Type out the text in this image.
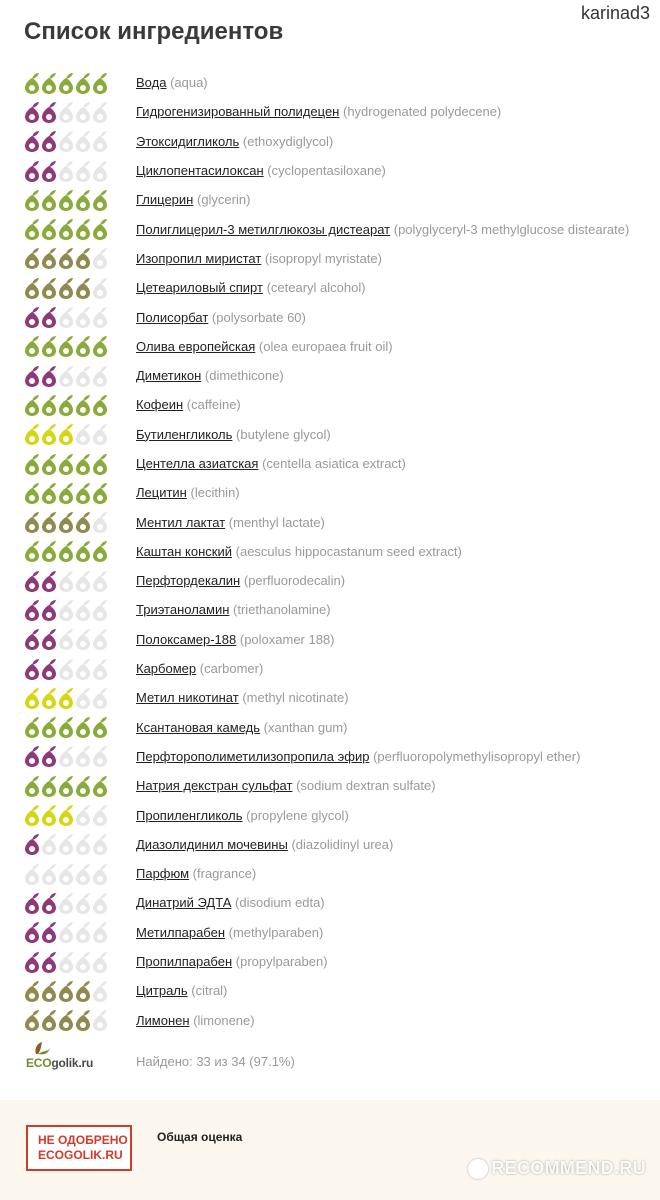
karinad3
Список ингредиентов
Вода (aqua)
Гидрогенизированный полидецен (hydrogenated polydecene)
Этоксидигликоль (ethoxydiglycol)
Циклопентасилоксан (cyclopentasiloxane)
Глицерин (glycerin)
Полиглицерил-3 метилглюкозы дистеарат (polyglyceryl-3 methylglucose distearate)
Изопропил миристат (isopropyl myristate)
Цетеариловый спирт (cetearyl alcohol)
Полисорбат (polysorbate 60)
Олива европейская (olea europaea fruit oil)
Диметикон (dimethicone)
Кофеин (caffeine)
Бутиленгликоль (butylene glycol)
Центелла азиатская (centella asiatica extract)
Лецитин (lecithin)
Ментил лактат (menthyl lactate)
Каштан конский (aesculus hippocastanum seed extract)
Перфтордекалин (perfluorodecalin)
Триэтаноламин (triethanolamine)
Полоксамер-188 (poloxamer 188)
Карбомер (carbomer)
Метил никотинат (methyl nicotinate)
Ксантановая камедь (xanthan gum)
Перфторополиметилизопропила эфир (perfluoropolymethylisopropyl ether)
Натрия декстран сульфат (sodium dextran sulfate)
Пропиленгликоль (propylene glycol)
Диазолидинил мочевины (diazolidinyl urea)
Парфюм (fragrance)
Динатрий ЭДТА (disodium edta)
Метилпарабен (methylparaben)
Пропилпарабен (propylparaben)
Цитраль (citral)
Лимонен (limonene)
ECOgolik.ru	Найдено: 33 из 34 (97.1%)
НЕ ОДОБРЕНО
ECOGOLIK.RU
Общая оценка
RECOMMEND.RU
